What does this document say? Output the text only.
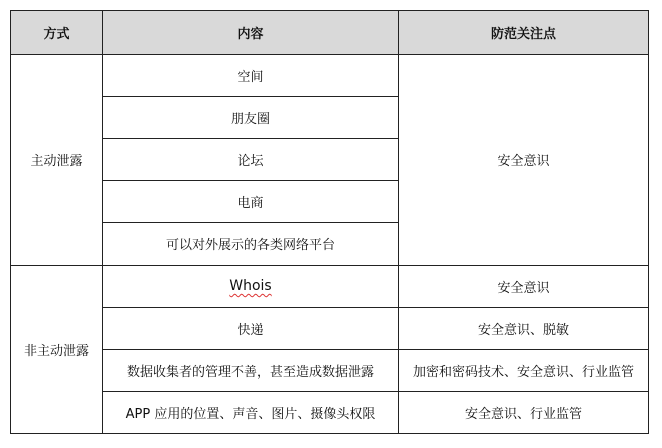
方式	内容	防范关注点
主动泄露	空间	安全意识
	朋友圈	
	论坛	
	电商	
	可以对外展示的各类网络平台	
非主动泄露	Whois	安全意识
	快递	安全意识、脱敏
	数据收集者的管理不善，甚至造成数据泄露	加密和密码技术、安全意识、行业监管
	APP 应用的位置、声音、图片、摄像头权限	安全意识、行业监管
